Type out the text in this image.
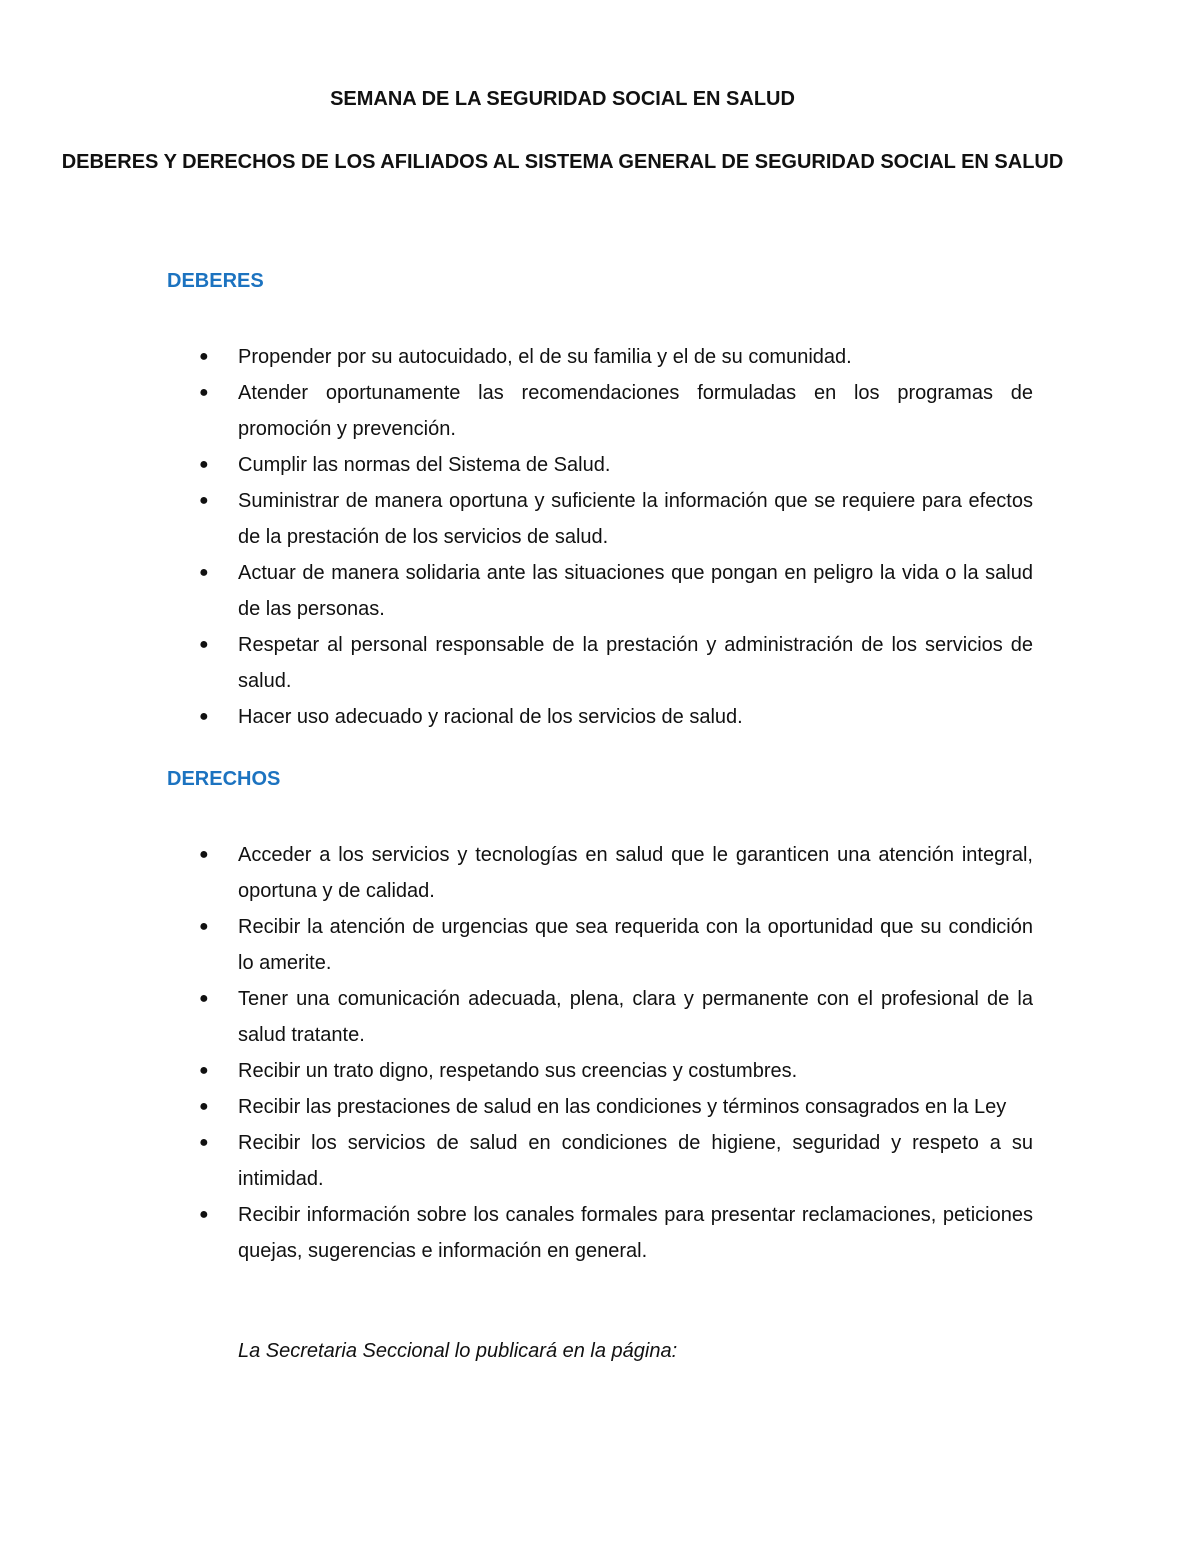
SEMANA DE LA SEGURIDAD SOCIAL EN SALUD
DEBERES Y DERECHOS DE LOS AFILIADOS AL SISTEMA GENERAL DE SEGURIDAD SOCIAL EN SALUD
DEBERES
●	Propender por su autocuidado, el de su familia y el de su comunidad.
●	Atender oportunamente las recomendaciones formuladas en los programas de promoción y prevención.
●	Cumplir las normas del Sistema de Salud.
●	Suministrar de manera oportuna y suficiente la información que se requiere para efectos de la prestación de los servicios de salud.
●	Actuar de manera solidaria ante las situaciones que pongan en peligro la vida o la salud de las personas.
●	Respetar al personal responsable de la prestación y administración de los servicios de salud.
●	Hacer uso adecuado y racional de los servicios de salud.
DERECHOS
●	Acceder a los servicios y tecnologías en salud que le garanticen una atención integral, oportuna y de calidad.
●	Recibir la atención de urgencias que sea requerida con la oportunidad que su condición lo amerite.
●	Tener una comunicación adecuada, plena, clara y permanente con el profesional de la salud tratante.
●	Recibir un trato digno, respetando sus creencias y costumbres.
●	Recibir las prestaciones de salud en las condiciones y términos consagrados en la Ley
●	Recibir los servicios de salud en condiciones de higiene, seguridad y respeto a su intimidad.
●	Recibir información sobre los canales formales para presentar reclamaciones, peticiones quejas, sugerencias e información en general.
La Secretaria Seccional lo publicará en la página:
